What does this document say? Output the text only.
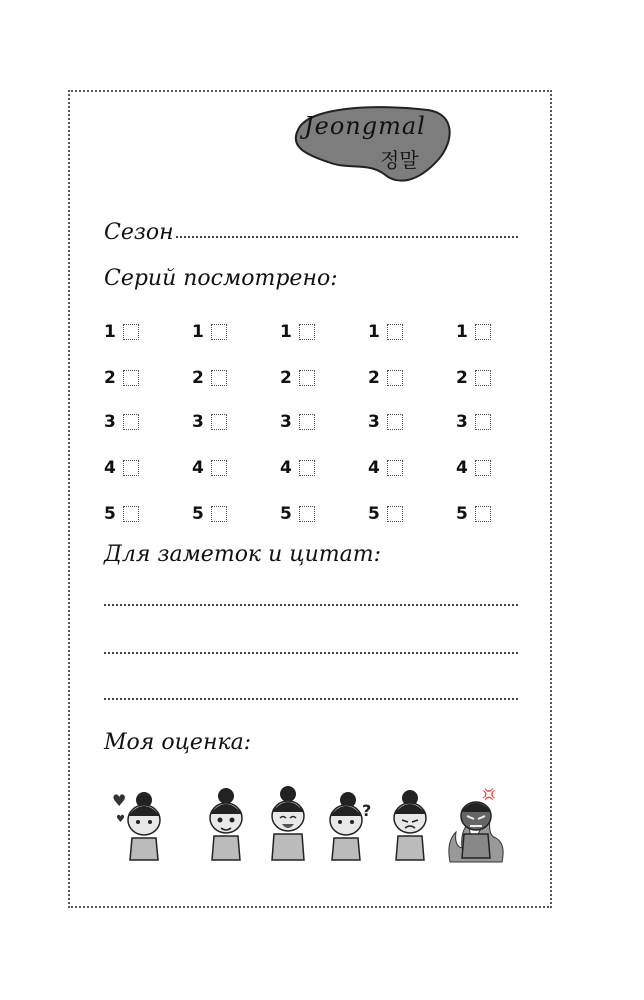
Jeongmal
정말
Сезон
Серий посмотрено:
1
2
3
4
5
1
2
3
4
5
1
2
3
4
5
1
2
3
4
5
1
2
3
4
5
Для заметок и цитат:
Моя оценка:
♥
♥	?
💢
